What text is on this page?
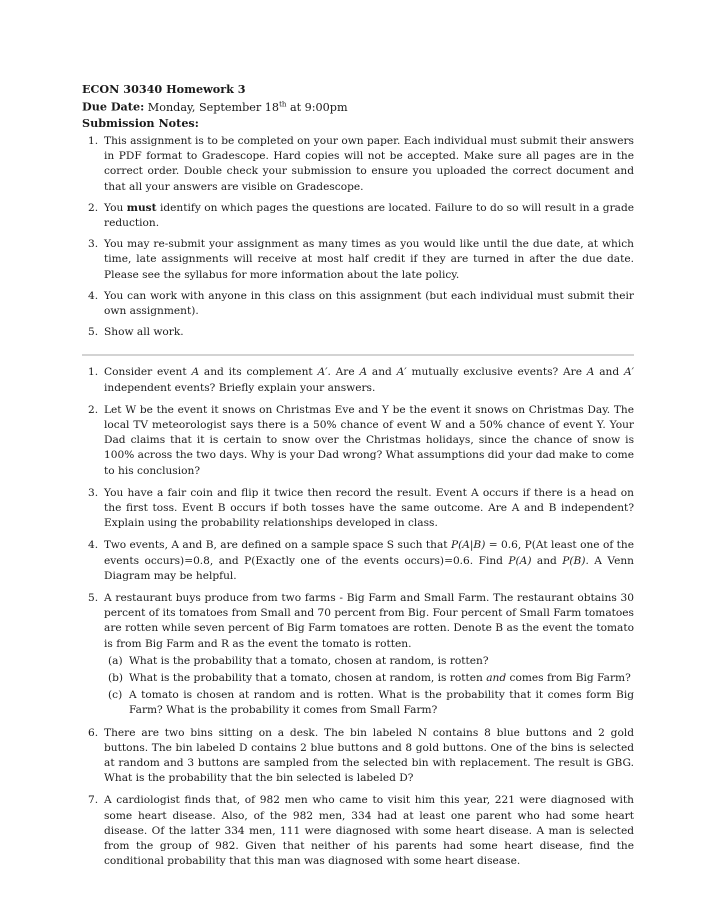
ECON 30340 Homework 3
Due Date: Monday, September 18th at 9:00pm
Submission Notes:
1. This assignment is to be completed on your own paper. Each individual must submit their answers in PDF format to Gradescope. Hard copies will not be accepted. Make sure all pages are in the correct order. Double check your submission to ensure you uploaded the correct document and that all your answers are visible on Gradescope.
2. You must identify on which pages the questions are located. Failure to do so will result in a grade reduction.
3. You may re-submit your assignment as many times as you would like until the due date, at which time, late assignments will receive at most half credit if they are turned in after the due date. Please see the syllabus for more information about the late policy.
4. You can work with anyone in this class on this assignment (but each individual must submit their own assignment).
5. Show all work.
1. Consider event A and its complement A′. Are A and A′ mutually exclusive events? Are A and A′ independent events? Briefly explain your answers.
2. Let W be the event it snows on Christmas Eve and Y be the event it snows on Christmas Day. The local TV meteorologist says there is a 50% chance of event W and a 50% chance of event Y. Your Dad claims that it is certain to snow over the Christmas holidays, since the chance of snow is 100% across the two days. Why is your Dad wrong? What assumptions did your dad make to come to his conclusion?
3. You have a fair coin and flip it twice then record the result. Event A occurs if there is a head on the first toss. Event B occurs if both tosses have the same outcome. Are A and B independent? Explain using the probability relationships developed in class.
4. Two events, A and B, are defined on a sample space S such that P(A|B) = 0.6, P(At least one of the events occurs)=0.8, and P(Exactly one of the events occurs)=0.6. Find P(A) and P(B). A Venn Diagram may be helpful.
5. A restaurant buys produce from two farms - Big Farm and Small Farm. The restaurant obtains 30 percent of its tomatoes from Small and 70 percent from Big. Four percent of Small Farm tomatoes are rotten while seven percent of Big Farm tomatoes are rotten. Denote B as the event the tomato is from Big Farm and R as the event the tomato is rotten.
(a) What is the probability that a tomato, chosen at random, is rotten?
(b) What is the probability that a tomato, chosen at random, is rotten and comes from Big Farm?
(c) A tomato is chosen at random and is rotten. What is the probability that it comes form Big Farm? What is the probability it comes from Small Farm?
6. There are two bins sitting on a desk. The bin labeled N contains 8 blue buttons and 2 gold buttons. The bin labeled D contains 2 blue buttons and 8 gold buttons. One of the bins is selected at random and 3 buttons are sampled from the selected bin with replacement. The result is GBG. What is the probability that the bin selected is labeled D?
7. A cardiologist finds that, of 982 men who came to visit him this year, 221 were diagnosed with some heart disease. Also, of the 982 men, 334 had at least one parent who had some heart disease. Of the latter 334 men, 111 were diagnosed with some heart disease. A man is selected from the group of 982. Given that neither of his parents had some heart disease, find the conditional probability that this man was diagnosed with some heart disease.
